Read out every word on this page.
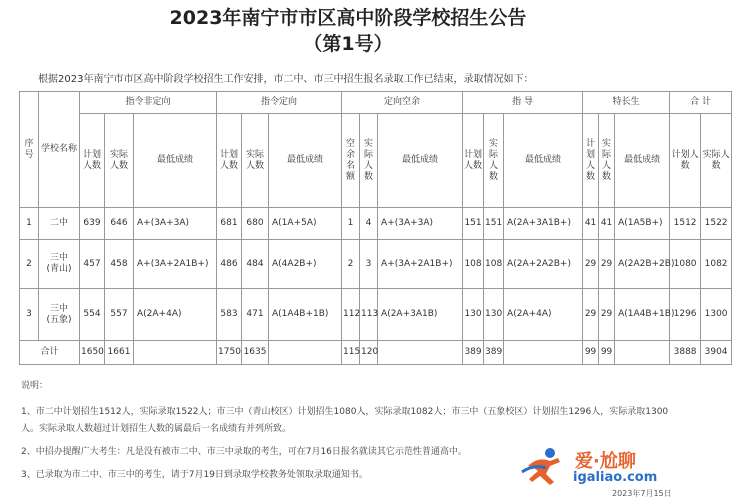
2023年南宁市市区高中阶段学校招生公告
（第1号）
根据2023年南宁市市区高中阶段学校招生工作安排，市二中、市三中招生报名录取工作已结束，录取情况如下：
序号	学校名称	指令非定向			指令定向			定向空余			指 导			特长生			合 计	
		计划人数	实际人数	最低成绩	计划人数	实际人数	最低成绩	空余名额	实际人数	最低成绩	计划人数	实际人数	最低成绩	计划人数	实际人数	最低成绩	计划人数	实际人数
1	二中	639	646	A+(3A+3A)	681	680	A(1A+5A)	1	4	A+(3A+3A)	151	151	A(2A+3A1B+)	41	41	A(1A5B+)	1512	1522
2	三中
(青山)	457	458	A+(3A+2A1B+)	486	484	A(4A2B+)	2	3	A+(3A+2A1B+)	108	108	A(2A+2A2B+)	29	29	A(2A2B+2B)	1080	1082
3	三中
(五象)	554	557	A(2A+4A)	583	471	A(1A4B+1B)	112	113	A(2A+3A1B)	130	130	A(2A+4A)	29	29	A(1A4B+1B)	1296	1300
合计		1650	1661		1750	1635		115	120		389	389		99	99		3888	3904
说明：
1、市二中计划招生1512人，实际录取1522人；市三中（青山校区）计划招生1080人，实际录取1082人；市三中（五象校区）计划招生1296人，实际录取1300
人。实际录取人数超过计划招生人数的属最后一名成绩有并列所致。
2、中招办提醒广大考生：凡是没有被市二中、市三中录取的考生，可在7月16日报名就读其它示范性普通高中。
3、已录取为市二中、市三中的考生，请于7月19日到录取学校教务处领取录取通知书。
爱·尬聊
igaliao.com
2023年7月15日
